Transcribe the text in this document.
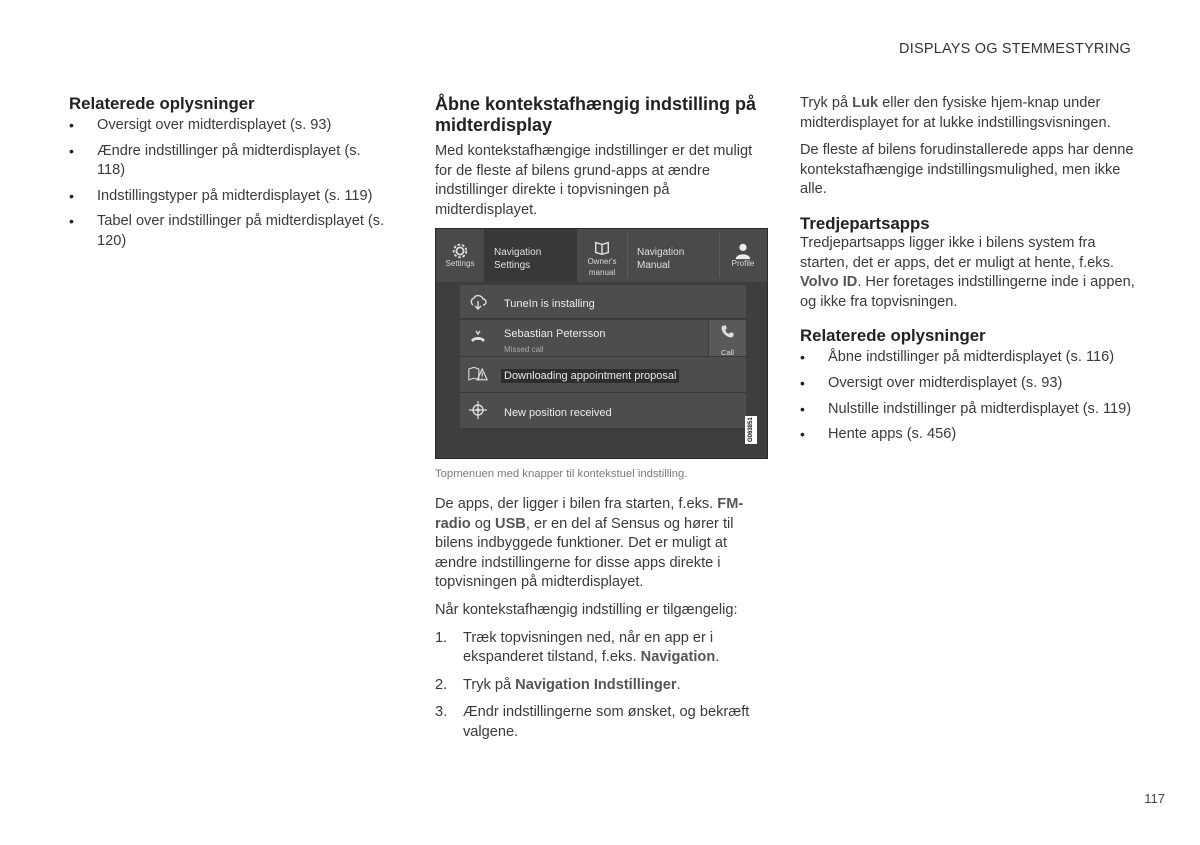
DISPLAYS OG STEMMESTYRING
Relaterede oplysninger
• Oversigt over midterdisplayet (s. 93)
• Ændre indstillinger på midterdisplayet (s. 118)
• Indstillingstyper på midterdisplayet (s. 119)
• Tabel over indstillinger på midterdisplayet (s. 120)
Åbne kontekstafhængig indstilling på midterdisplay

Med kontekstafhængige indstillinger er det muligt for de fleste af bilens grund-apps at ændre indstillinger direkte i topvisningen på midterdisplayet.

Settings
Navigation
Settings	Owner's
manual
Navigation
Manual	Profile
TuneIn is installing
Sebastian Petersson
Missed call	Call
Downloading appointment proposal
New position received
G063851
Topmenuen med knapper til kontekstuel indstilling.

De apps, der ligger i bilen fra starten, f.eks. FM-radio og USB, er en del af Sensus og hører til bilens indbyggede funktioner. Det er muligt at ændre indstillingerne for disse apps direkte i topvisningen på midterdisplayet.

Når kontekstafhængig indstilling er tilgængelig:

1. Træk topvisningen ned, når en app er i ekspanderet tilstand, f.eks. Navigation.
2. Tryk på Navigation Indstillinger.
3. Ændr indstillingerne som ønsket, og bekræft valgene.

Tryk på Luk eller den fysiske hjem-knap under midterdisplayet for at lukke indstillingsvisningen.

De fleste af bilens forudinstallerede apps har denne kontekstafhængige indstillingsmulighed, men ikke alle.

Tredjepartsapps

Tredjepartsapps ligger ikke i bilens system fra starten, det er apps, det er muligt at hente, f.eks. Volvo ID. Her foretages indstillingerne inde i appen, og ikke fra topvisningen.

Relaterede oplysninger
• Åbne indstillinger på midterdisplayet (s. 116)
• Oversigt over midterdisplayet (s. 93)
• Nulstille indstillinger på midterdisplayet (s. 119)
• Hente apps (s. 456)
117
